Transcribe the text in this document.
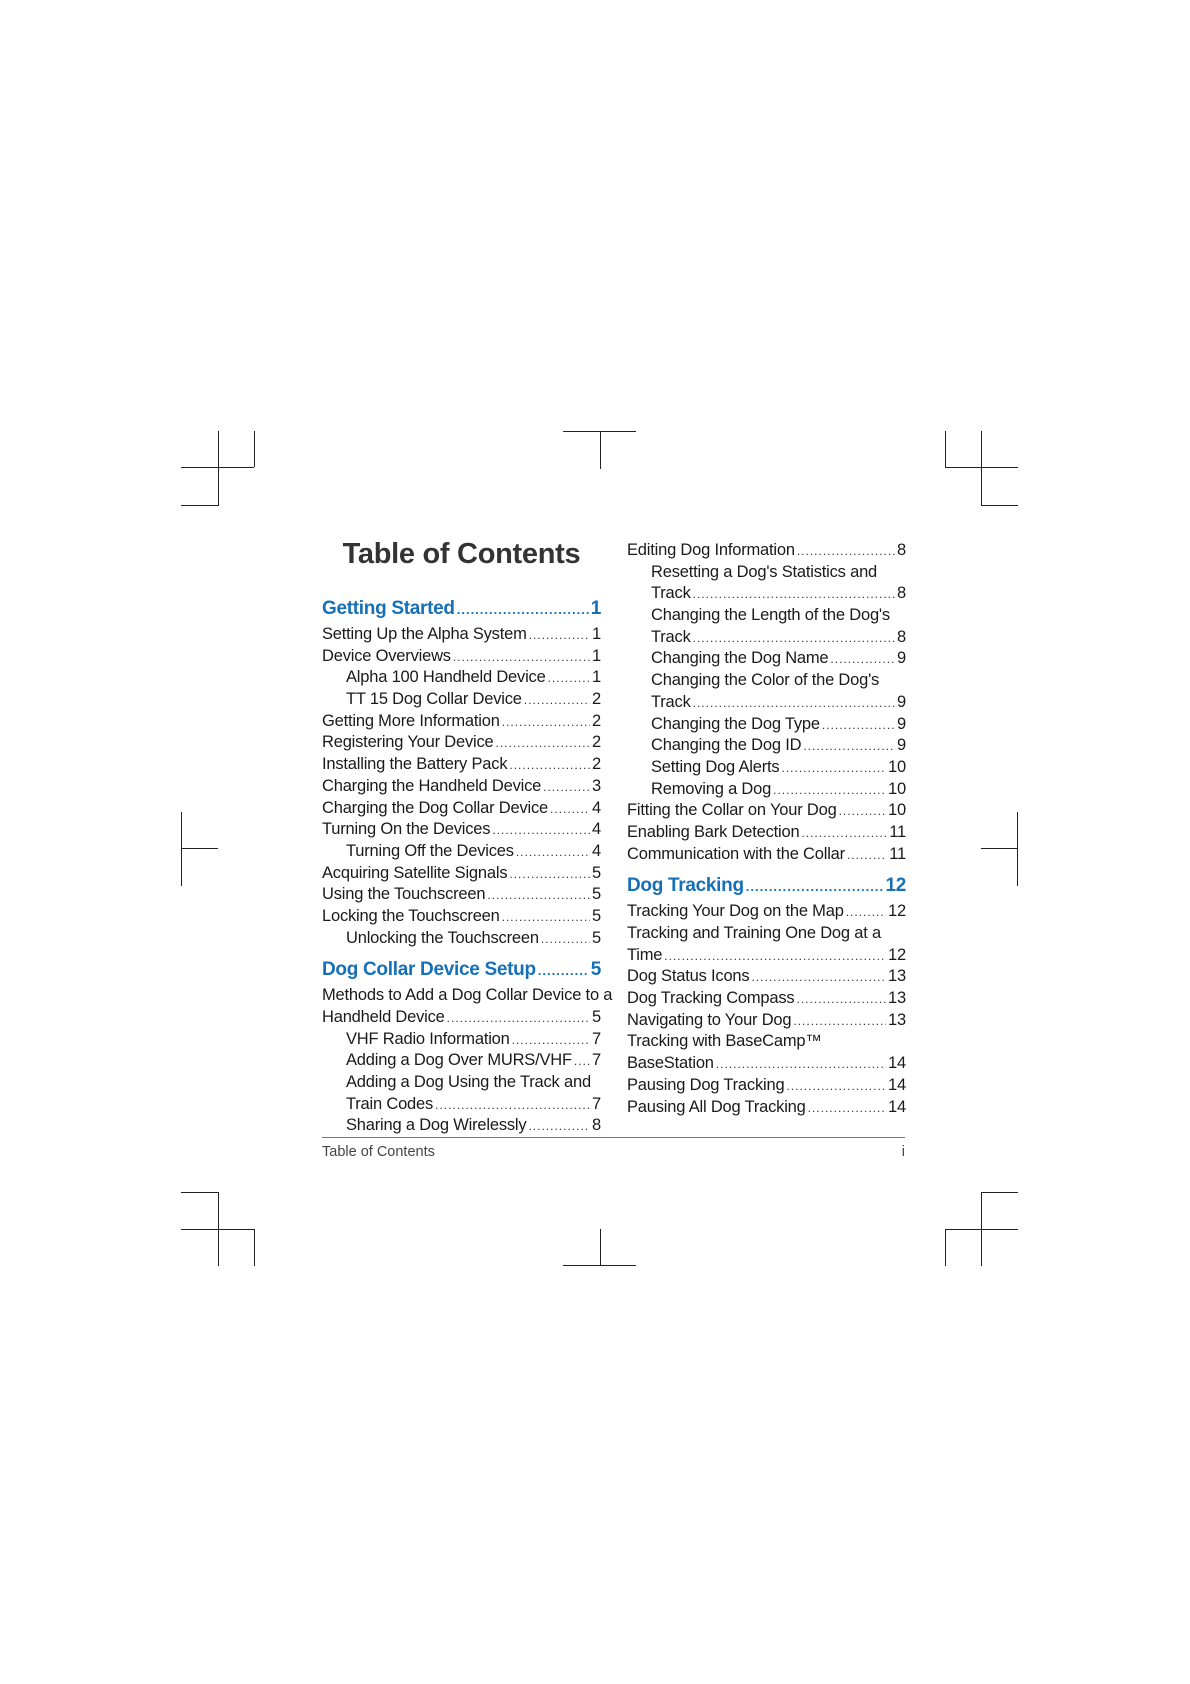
Table of Contents
Getting Started .....	1
Setting Up the Alpha System .....	1
Device Overviews .....	1
Alpha 100 Handheld Device .....	1
TT 15 Dog Collar Device .....	2
Getting More Information .....	2
Registering Your Device .....	2
Installing the Battery Pack .....	2
Charging the Handheld Device .....	3
Charging the Dog Collar Device .....	4
Turning On the Devices .....	4
Turning Off the Devices .....	4
Acquiring Satellite Signals .....	5
Using the Touchscreen .....	5
Locking the Touchscreen .....	5
Unlocking the Touchscreen .....	5
Dog Collar Device Setup .....	5
Methods to Add a Dog Collar Device to a
Handheld Device .....	5
VHF Radio Information .....	7
Adding a Dog Over MURS/VHF ..... 7
Adding a Dog Using the Track and
Train Codes .....	7
Sharing a Dog Wirelessly .....	8
Editing Dog Information .....	8
Resetting a Dog's Statistics and
Track .....	8
Changing the Length of the Dog's
Track .....	8
Changing the Dog Name .....	9
Changing the Color of the Dog's
Track .....	9
Changing the Dog Type .....	9
Changing the Dog ID .....	9
Setting Dog Alerts .....	10
Removing a Dog .....	10
Fitting the Collar on Your Dog .....	10
Enabling Bark Detection .....	11
Communication with the Collar .....	11
Dog Tracking .....	12
Tracking Your Dog on the Map .....	12
Tracking and Training One Dog at a
Time .....	12
Dog Status Icons .....	13
Dog Tracking Compass .....	13
Navigating to Your Dog .....	13
Tracking with BaseCamp™
BaseStation .....	14
Pausing Dog Tracking .....	14
Pausing All Dog Tracking .....	14
Table of Contents	i
